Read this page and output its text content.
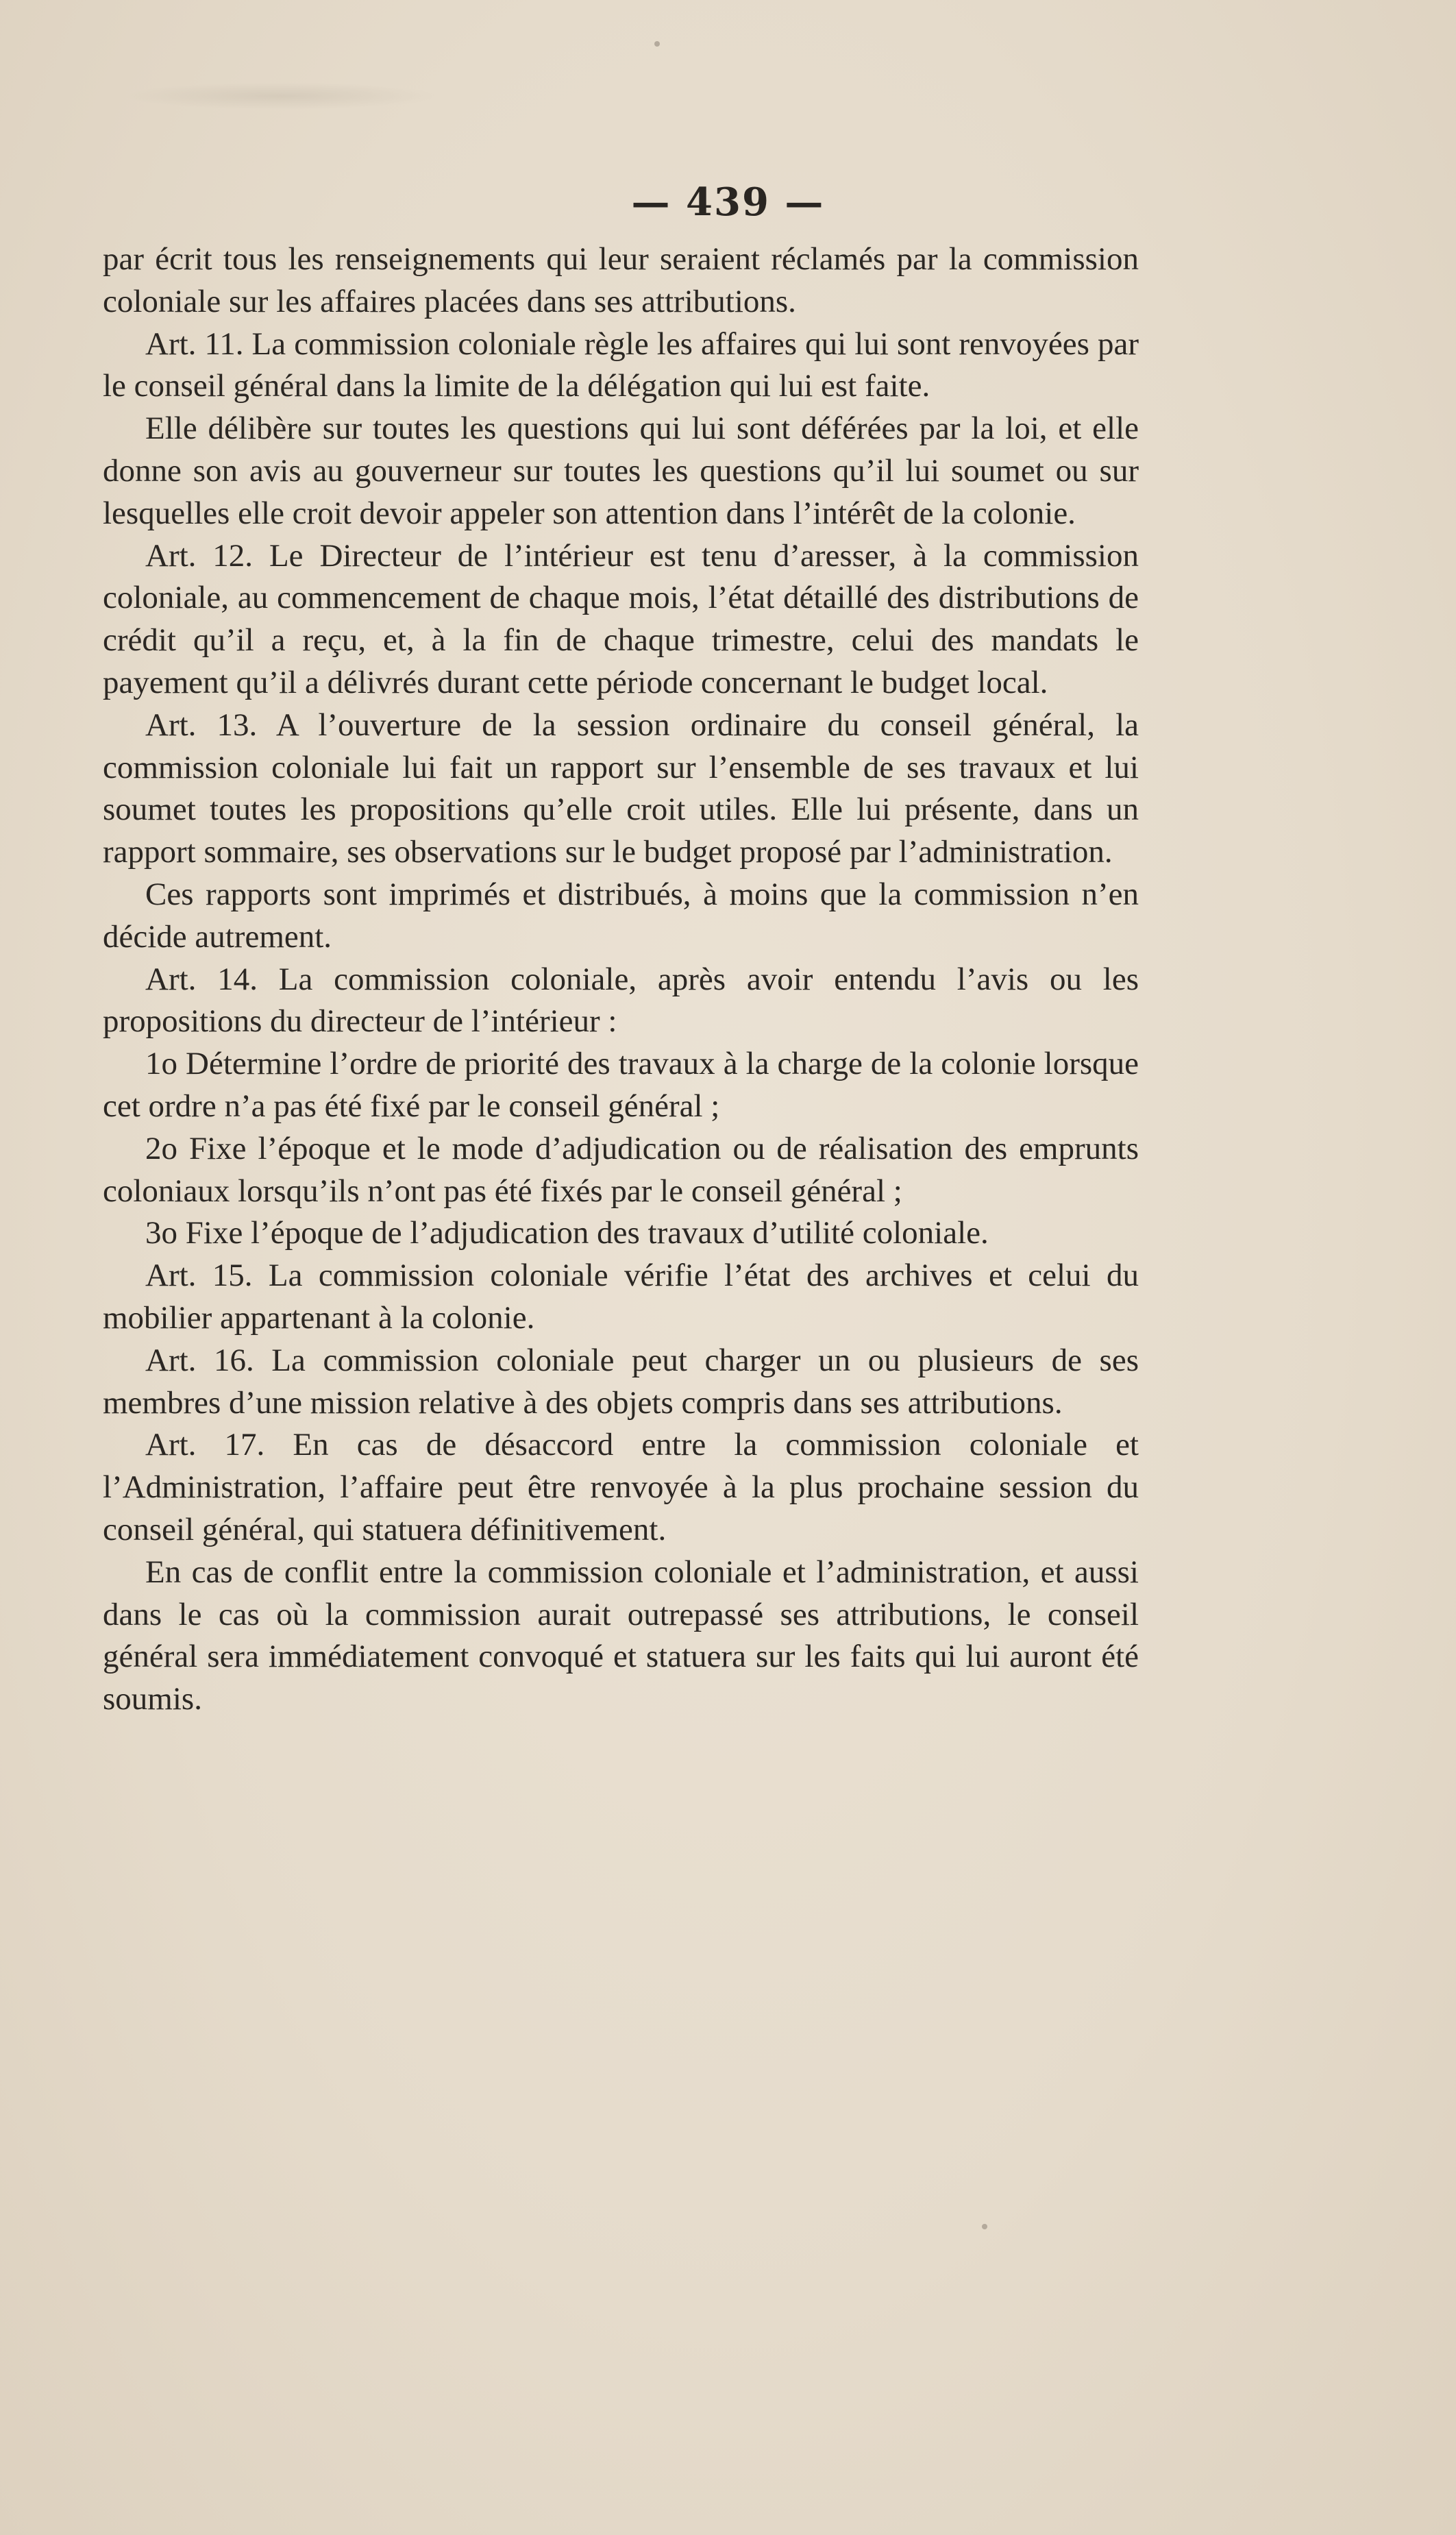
— 439 —

par écrit tous les renseignements qui leur seraient réclamés par la commission coloniale sur les affaires placées dans ses attributions.

Art. 11. La commission coloniale règle les affaires qui lui sont renvoyées par le conseil général dans la limite de la délégation qui lui est faite.

Elle délibère sur toutes les questions qui lui sont déférées par la loi, et elle donne son avis au gouverneur sur toutes les questions qu’il lui soumet ou sur lesquelles elle croit devoir appeler son attention dans l’intérêt de la colonie.

Art. 12. Le Directeur de l’intérieur est tenu d’aresser, à la commission coloniale, au commencement de chaque mois, l’état détaillé des distributions de crédit qu’il a reçu, et, à la fin de chaque trimestre, celui des mandats le payement qu’il a délivrés durant cette période concernant le budget local.

Art. 13. A l’ouverture de la session ordinaire du conseil général, la commission coloniale lui fait un rapport sur l’ensemble de ses travaux et lui soumet toutes les propositions qu’elle croit utiles. Elle lui présente, dans un rapport sommaire, ses observations sur le budget proposé par l’administration.

Ces rapports sont imprimés et distribués, à moins que la commission n’en décide autrement.

Art. 14. La commission coloniale, après avoir entendu l’avis ou les propositions du directeur de l’intérieur :

1o Détermine l’ordre de priorité des travaux à la charge de la colonie lorsque cet ordre n’a pas été fixé par le conseil général ;

2o Fixe l’époque et le mode d’adjudication ou de réalisation des emprunts coloniaux lorsqu’ils n’ont pas été fixés par le conseil général ;

3o Fixe l’époque de l’adjudication des travaux d’utilité coloniale.

Art. 15. La commission coloniale vérifie l’état des archives et celui du mobilier appartenant à la colonie.

Art. 16. La commission coloniale peut charger un ou plusieurs de ses membres d’une mission relative à des objets compris dans ses attributions.

Art. 17. En cas de désaccord entre la commission coloniale et l’Administration, l’affaire peut être renvoyée à la plus prochaine session du conseil général, qui statuera définitivement.

En cas de conflit entre la commission coloniale et l’administration, et aussi dans le cas où la commission aurait outrepassé ses attributions, le conseil général sera immédiatement convoqué et statuera sur les faits qui lui auront été soumis.
